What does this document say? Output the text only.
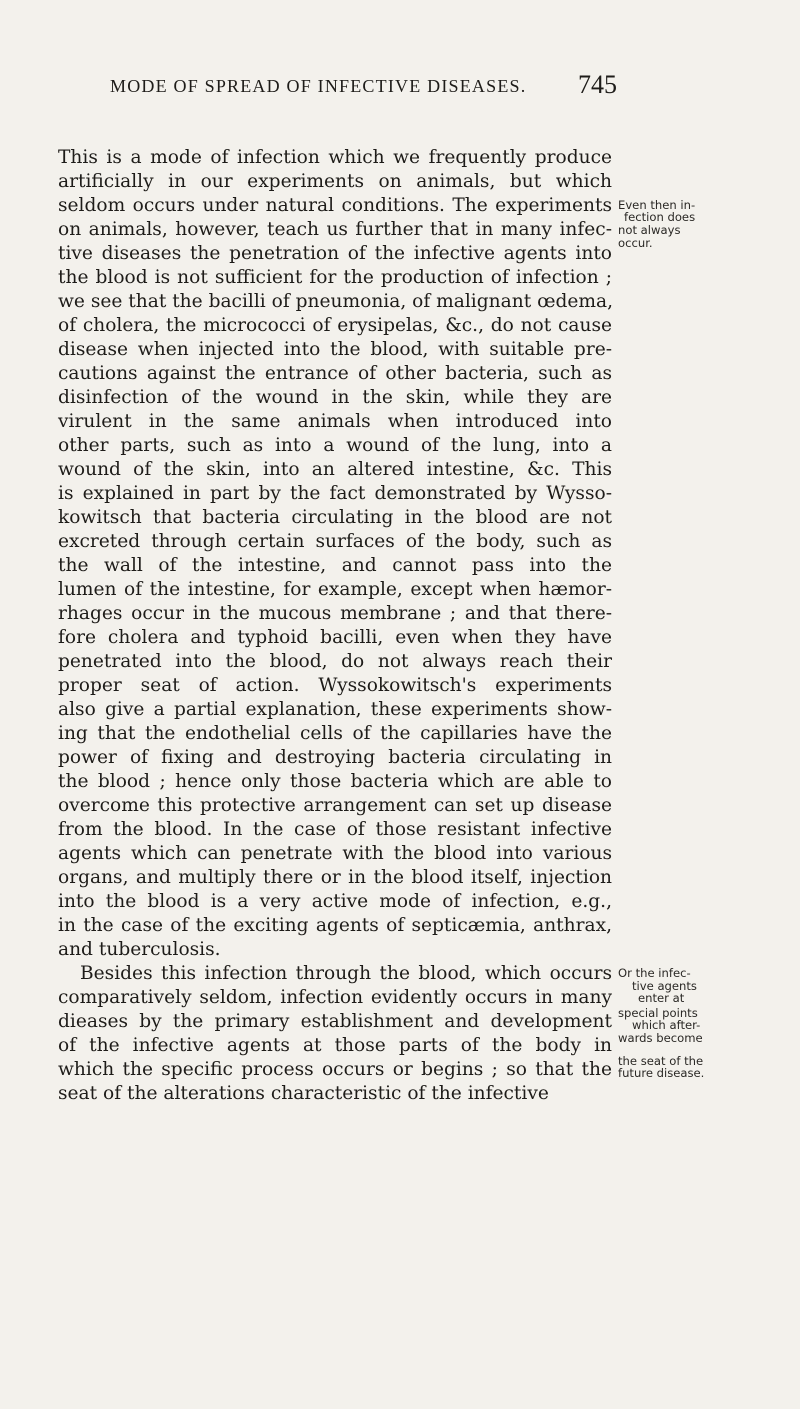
MODE OF SPREAD OF INFECTIVE DISEASES. 745
This is a mode of infection which we frequently produce
artificially in our experiments on animals, but which
seldom occurs under natural conditions. The experiments
on animals, however, teach us further that in many infec-
tive diseases the penetration of the infective agents into
the blood is not sufficient for the production of infection ;
we see that the bacilli of pneumonia, of malignant œdema,
of cholera, the micrococci of erysipelas, &c., do not cause
disease when injected into the blood, with suitable pre-
cautions against the entrance of other bacteria, such as
disinfection of the wound in the skin, while they are
virulent in the same animals when introduced into
other parts, such as into a wound of the lung, into a
wound of the skin, into an altered intestine, &c. This
is explained in part by the fact demonstrated by Wysso-
kowitsch that bacteria circulating in the blood are not
excreted through certain surfaces of the body, such as
the wall of the intestine, and cannot pass into the
lumen of the intestine, for example, except when hæmor-
rhages occur in the mucous membrane ; and that there-
fore cholera and typhoid bacilli, even when they have
penetrated into the blood, do not always reach their
proper seat of action. Wyssokowitsch's experiments
also give a partial explanation, these experiments show-
ing that the endothelial cells of the capillaries have the
power of fixing and destroying bacteria circulating in
the blood ; hence only those bacteria which are able to
overcome this protective arrangement can set up disease
from the blood. In the case of those resistant infective
agents which can penetrate with the blood into various
organs, and multiply there or in the blood itself, injection
into the blood is a very active mode of infection, e.g.,
in the case of the exciting agents of septicæmia, anthrax,
and tuberculosis.
Besides this infection through the blood, which occurs
comparatively seldom, infection evidently occurs in many
dieases by the primary establishment and development
of the infective agents at those parts of the body in
which the specific process occurs or begins ; so that the
seat of the alterations characteristic of the infective
Even then in-
fection does
not always
occur.
Or the infec-
tive agents
enter at
special points
which after-
wards become
the seat of the
future disease.
